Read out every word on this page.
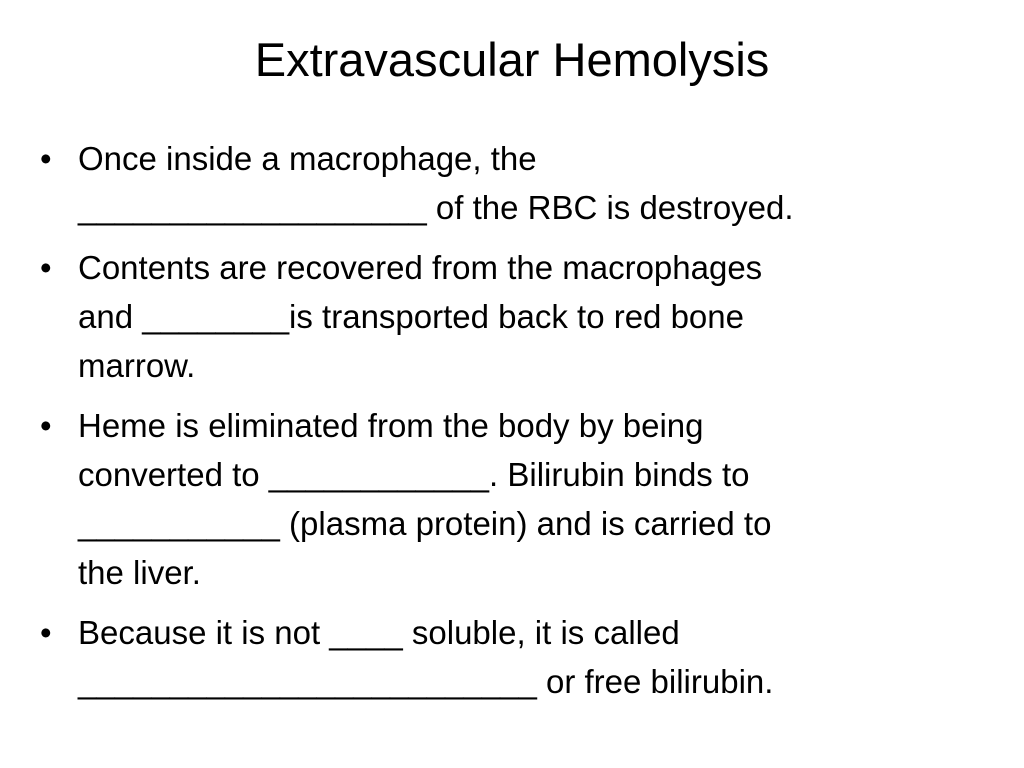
Extravascular Hemolysis
• Once inside a macrophage, the
___________________ of the RBC is destroyed.
• Contents are recovered from the macrophages
and ________is transported back to red bone
marrow.
• Heme is eliminated from the body by being
converted to ____________. Bilirubin binds to
___________ (plasma protein) and is carried to
the liver.
• Because it is not ____ soluble, it is called
_________________________ or free bilirubin.
